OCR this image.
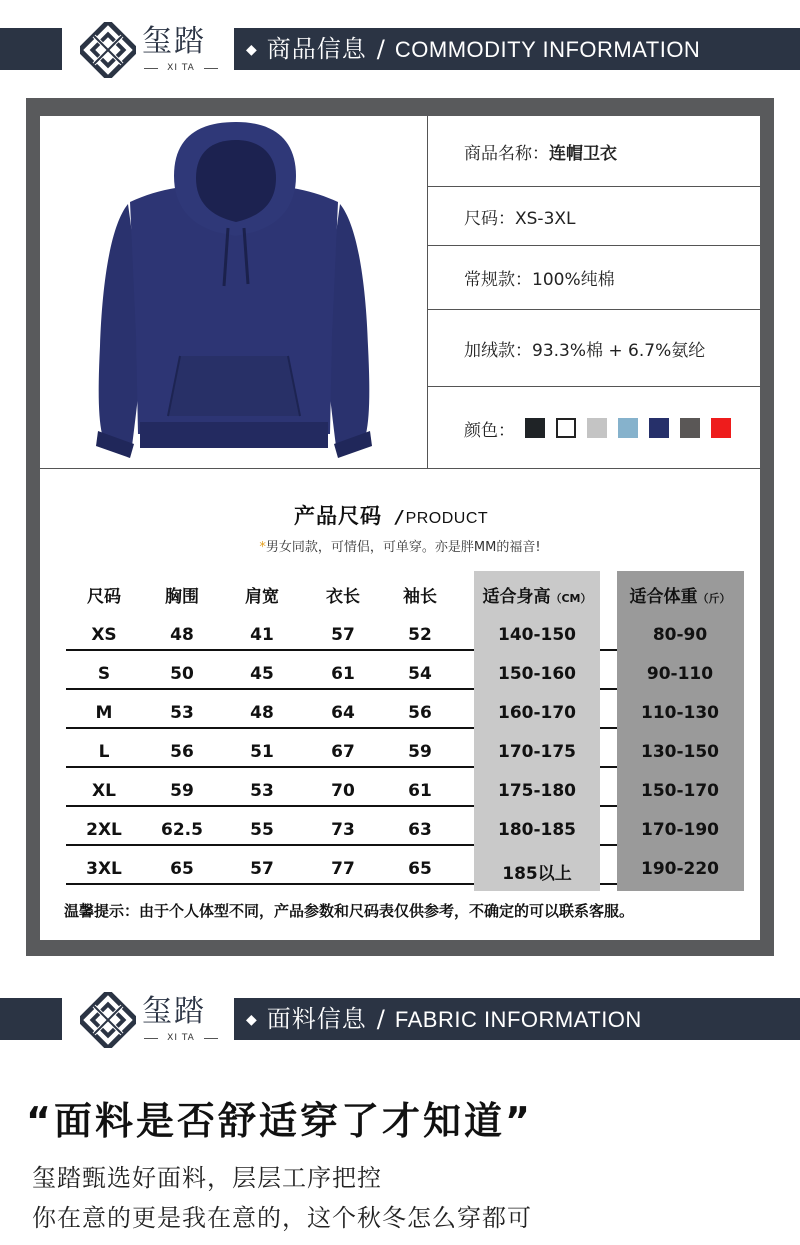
玺踏
XI TA
◆ 商品信息 / COMMODITY INFORMATION
商品名称： 连帽卫衣
尺码：XS-3XL
常规款：100%纯棉
加绒款：93.3%棉 + 6.7%氨纶
颜色：
产品尺码 / PRODUCT
*男女同款，可情侣，可单穿。亦是胖MM的福音!
尺码	胸围	肩宽	衣长	袖长	适合身高（CM）	适合体重（斤）
XS	48	41	57	52	140-150	80-90
S	50	45	61	54	150-160	90-110
M	53	48	64	56	160-170	110-130
L	56	51	67	59	170-175	130-150
XL	59	53	70	61	175-180	150-170
2XL	62.5	55	73	63	180-185	170-190
3XL	65	57	77	65	185以上	190-220
温馨提示：由于个人体型不同，产品参数和尺码表仅供参考，不确定的可以联系客服。
玺踏
XI TA
◆ 面料信息 / FABRIC INFORMATION
“面料是否舒适穿了才知道”
玺踏甄选好面料，层层工序把控
你在意的更是我在意的，这个秋冬怎么穿都可
